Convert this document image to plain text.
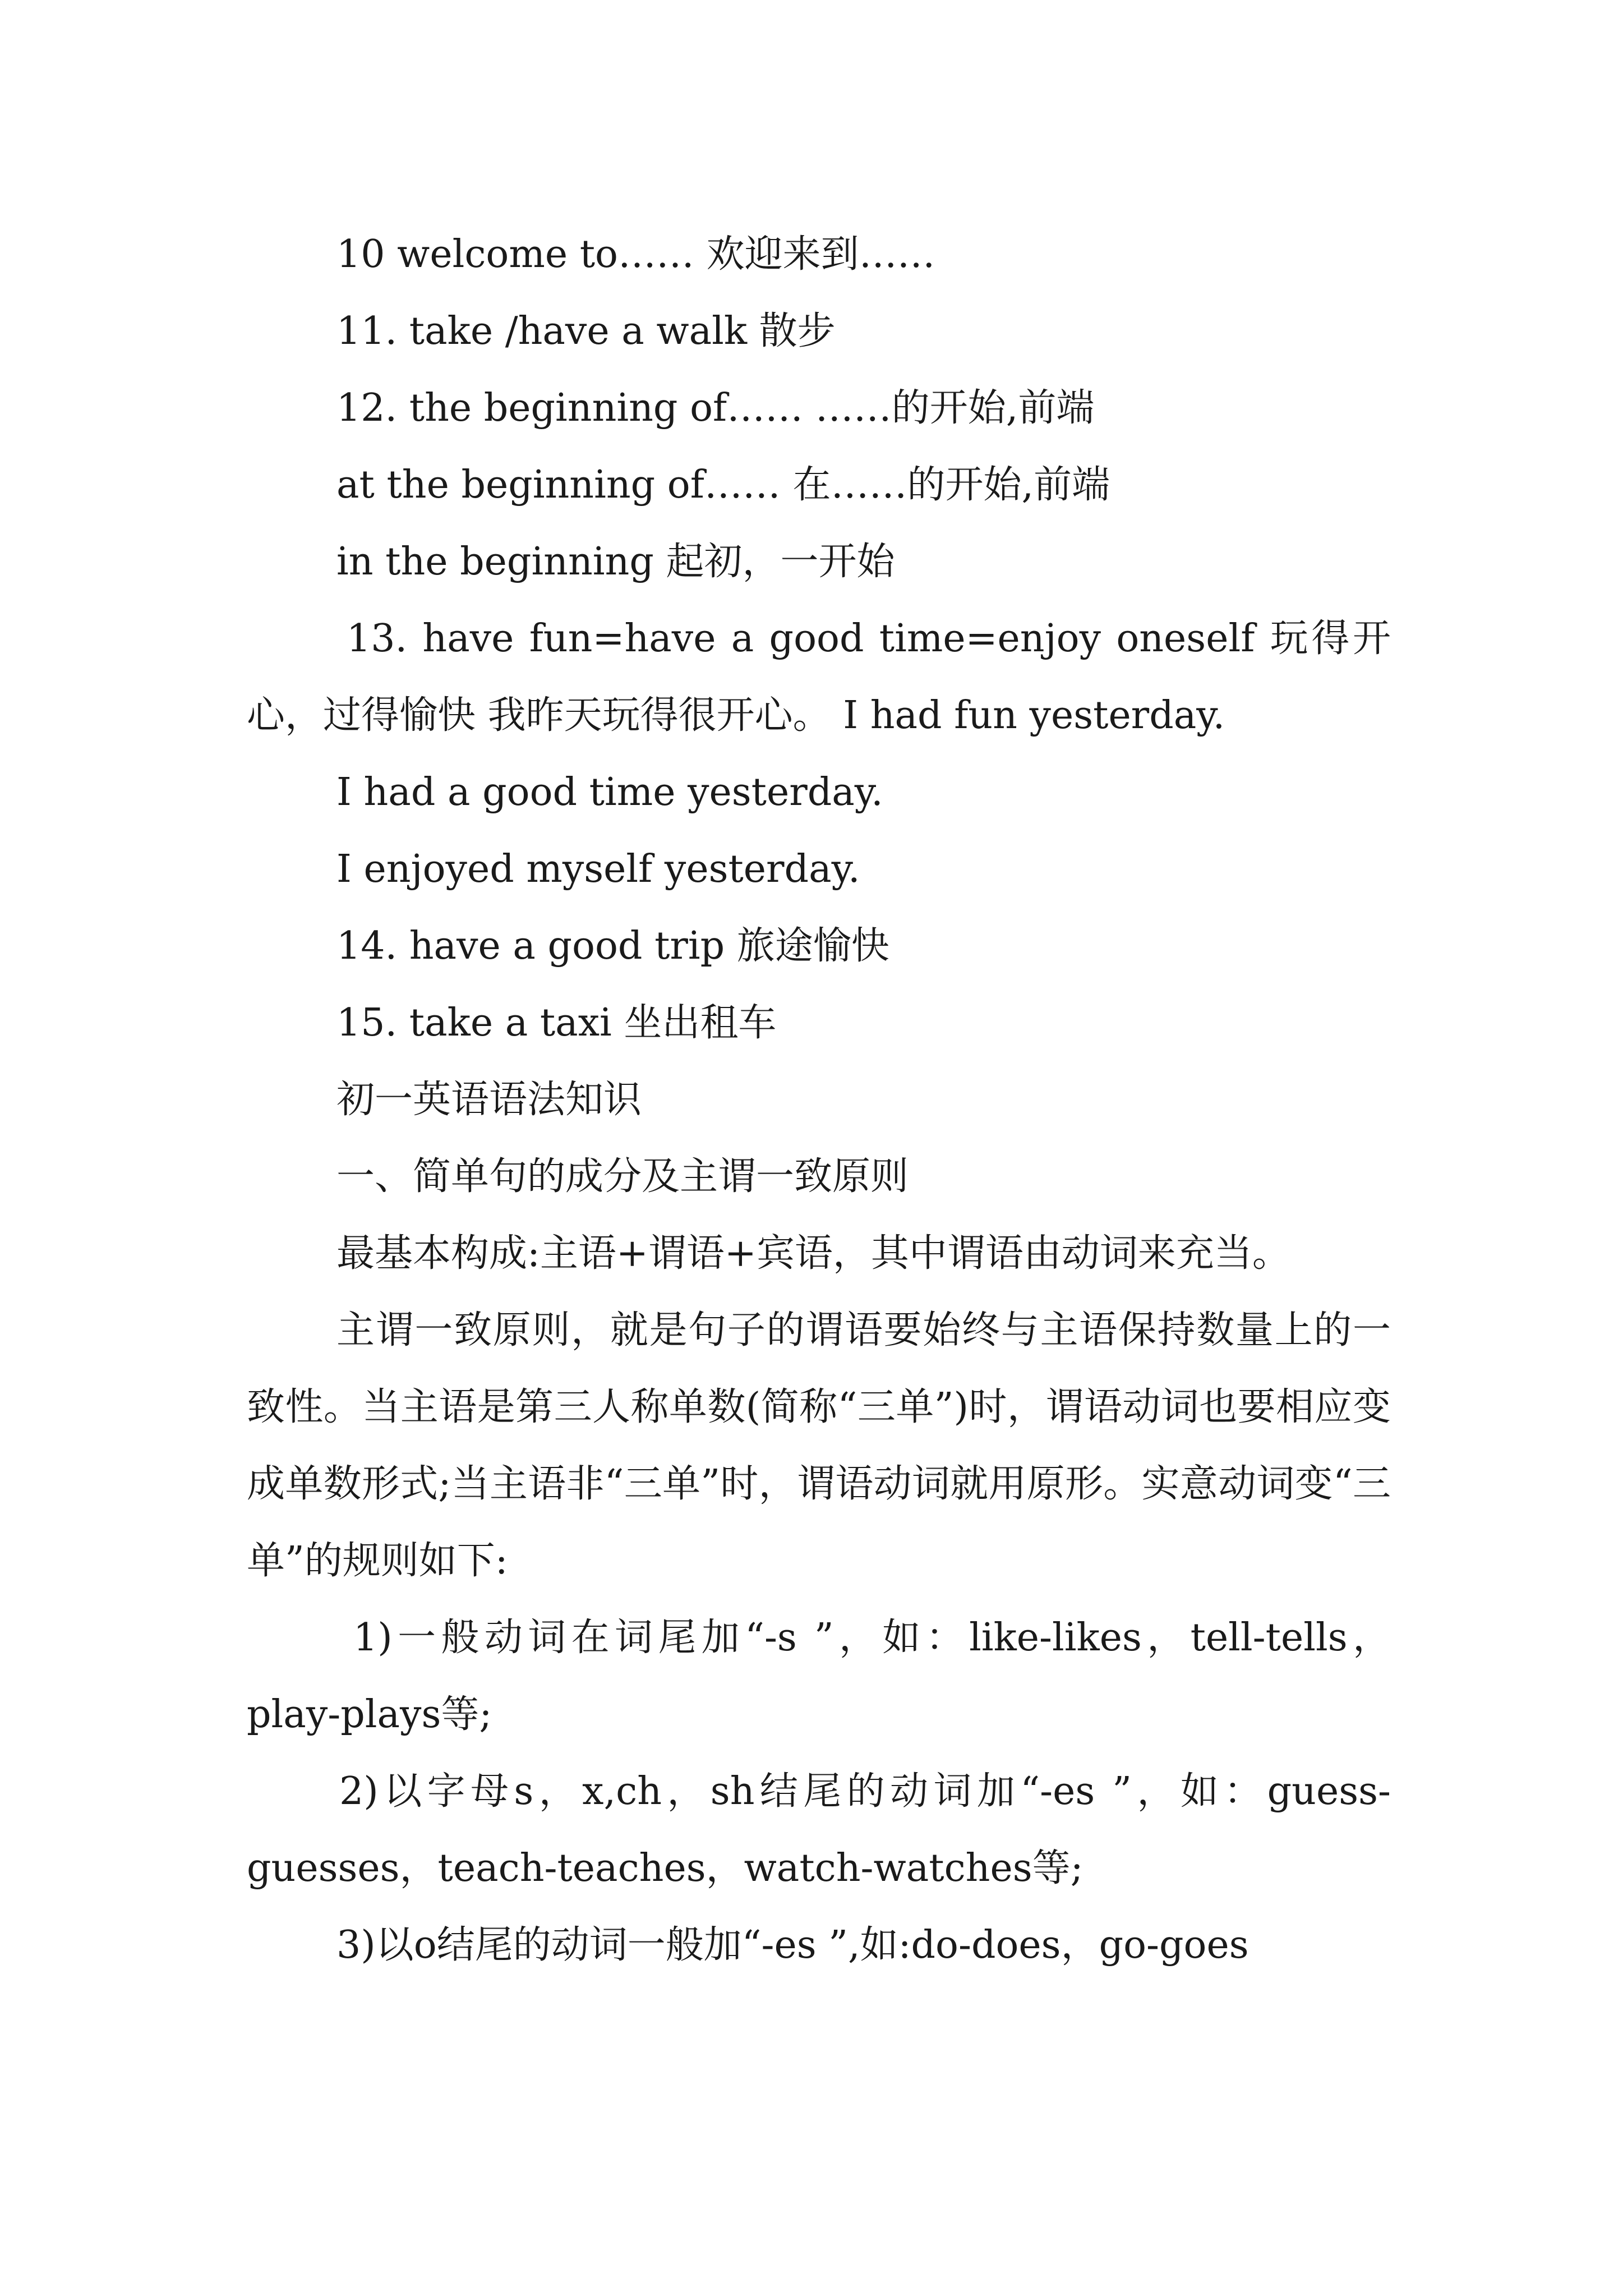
10 welcome to…… 欢迎来到……
11. take /have a walk 散步
12. the beginning of…… ……的开始,前端
at the beginning of…… 在……的开始,前端
in the beginning 起初，一开始

13. have fun=have a good time=enjoy oneself 玩得开心，过得愉快 我昨天玩得很开心。 I had fun yesterday.

I had a good time yesterday.
I enjoyed myself yesterday.
14. have a good trip 旅途愉快
15. take a taxi 坐出租车
初一英语语法知识
一、简单句的成分及主谓一致原则
最基本构成:主语+谓语+宾语，其中谓语由动词来充当。

主谓一致原则，就是句子的谓语要始终与主语保持数量上的一致性。当主语是第三人称单数(简称“三单”)时，谓语动词也要相应变成单数形式;当主语非“三单”时，谓语动词就用原形。实意动词变“三单”的规则如下:

1)一般动词在词尾加“-s ”，如：like-likes，tell-tells，play-plays等;

2)以字母s，x,ch，sh结尾的动词加“-es ”，如：guess-guesses，teach-teaches，watch-watches等;

3)以o结尾的动词一般加“-es ”,如:do-does，go-goes
